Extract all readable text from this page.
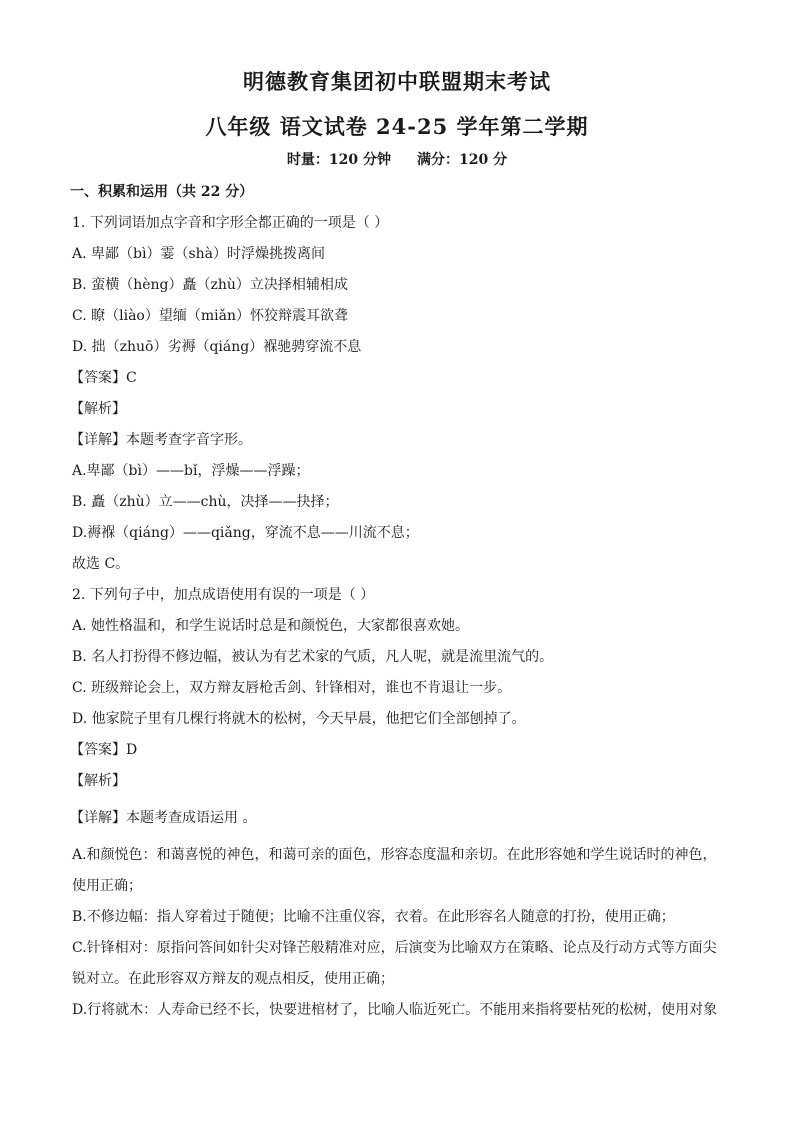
明德教育集团初中联盟期末考试
八年级 语文试卷 24-25 学年第二学期
时量：120 分钟 满分：120 分
一、积累和运用（共 22 分）
1. 下列词语加点字音和字形全都正确的一项是（ ）
A. 卑鄙（bì）霎（shà）时浮燥挑拨离间
B. 蛮横（hèng）矗（zhù）立决择相辅相成
C. 瞭（liào）望缅（miǎn）怀狡辩震耳欲聋
D. 拙（zhuō）劣褥（qiáng）褓驰骋穿流不息
【答案】C
【解析】
【详解】本题考查字音字形。
A.卑鄙（bì）——bǐ，浮燥——浮躁；
B. 矗（zhù）立——chù，决择——抉择；
D.褥褓（qiáng）——qiǎng，穿流不息——川流不息；
故选 C。
2. 下列句子中，加点成语使用有误的一项是（ ）
A. 她性格温和，和学生说话时总是和颜悦色，大家都很喜欢她。
B. 名人打扮得不修边幅，被认为有艺术家的气质，凡人呢，就是流里流气的。
C. 班级辩论会上，双方辩友唇枪舌剑、针锋相对，谁也不肯退让一步。
D. 他家院子里有几棵行将就木的松树，今天早晨，他把它们全部刨掉了。
【答案】D
【解析】
【详解】本题考查成语运用 。
A.和颜悦色：和蔼喜悦的神色，和蔼可亲的面色，形容态度温和亲切。在此形容她和学生说话时的神色，使用正确；
B.不修边幅：指人穿着过于随便；比喻不注重仪容，衣着。在此形容名人随意的打扮，使用正确；
C.针锋相对：原指问答间如针尖对锋芒般精准对应，后演变为比喻双方在策略、论点及行动方式等方面尖锐对立。在此形容双方辩友的观点相反，使用正确；
D.行将就木：人寿命已经不长，快要进棺材了，比喻人临近死亡。不能用来指将要枯死的松树，使用对象
